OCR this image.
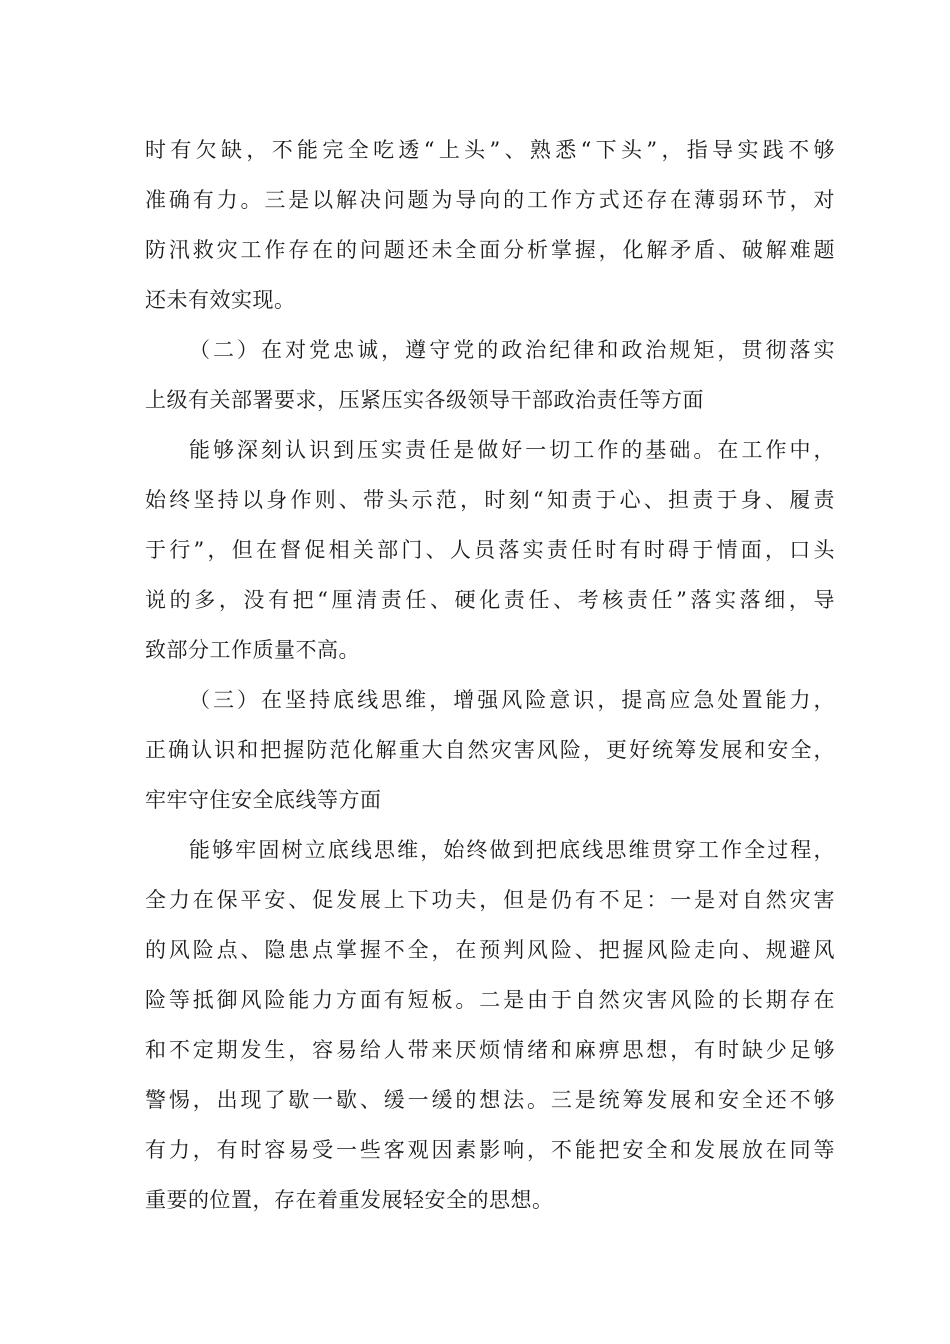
时有欠缺，不能完全吃透“上头”、熟悉“下头”，指导实践不够
准确有力。三是以解决问题为导向的工作方式还存在薄弱环节，对
防汛救灾工作存在的问题还未全面分析掌握，化解矛盾、破解难题
还未有效实现。
（二）在对党忠诚，遵守党的政治纪律和政治规矩，贯彻落实
上级有关部署要求，压紧压实各级领导干部政治责任等方面
能够深刻认识到压实责任是做好一切工作的基础。在工作中，
始终坚持以身作则、带头示范，时刻“知责于心、担责于身、履责
于行”，但在督促相关部门、人员落实责任时有时碍于情面，口头
说的多，没有把“厘清责任、硬化责任、考核责任”落实落细，导
致部分工作质量不高。
（三）在坚持底线思维，增强风险意识，提高应急处置能力，
正确认识和把握防范化解重大自然灾害风险，更好统筹发展和安全，
牢牢守住安全底线等方面
能够牢固树立底线思维，始终做到把底线思维贯穿工作全过程，
全力在保平安、促发展上下功夫，但是仍有不足：一是对自然灾害
的风险点、隐患点掌握不全，在预判风险、把握风险走向、规避风
险等抵御风险能力方面有短板。二是由于自然灾害风险的长期存在
和不定期发生，容易给人带来厌烦情绪和麻痹思想，有时缺少足够
警惕，出现了歇一歇、缓一缓的想法。三是统筹发展和安全还不够
有力，有时容易受一些客观因素影响，不能把安全和发展放在同等
重要的位置，存在着重发展轻安全的思想。
